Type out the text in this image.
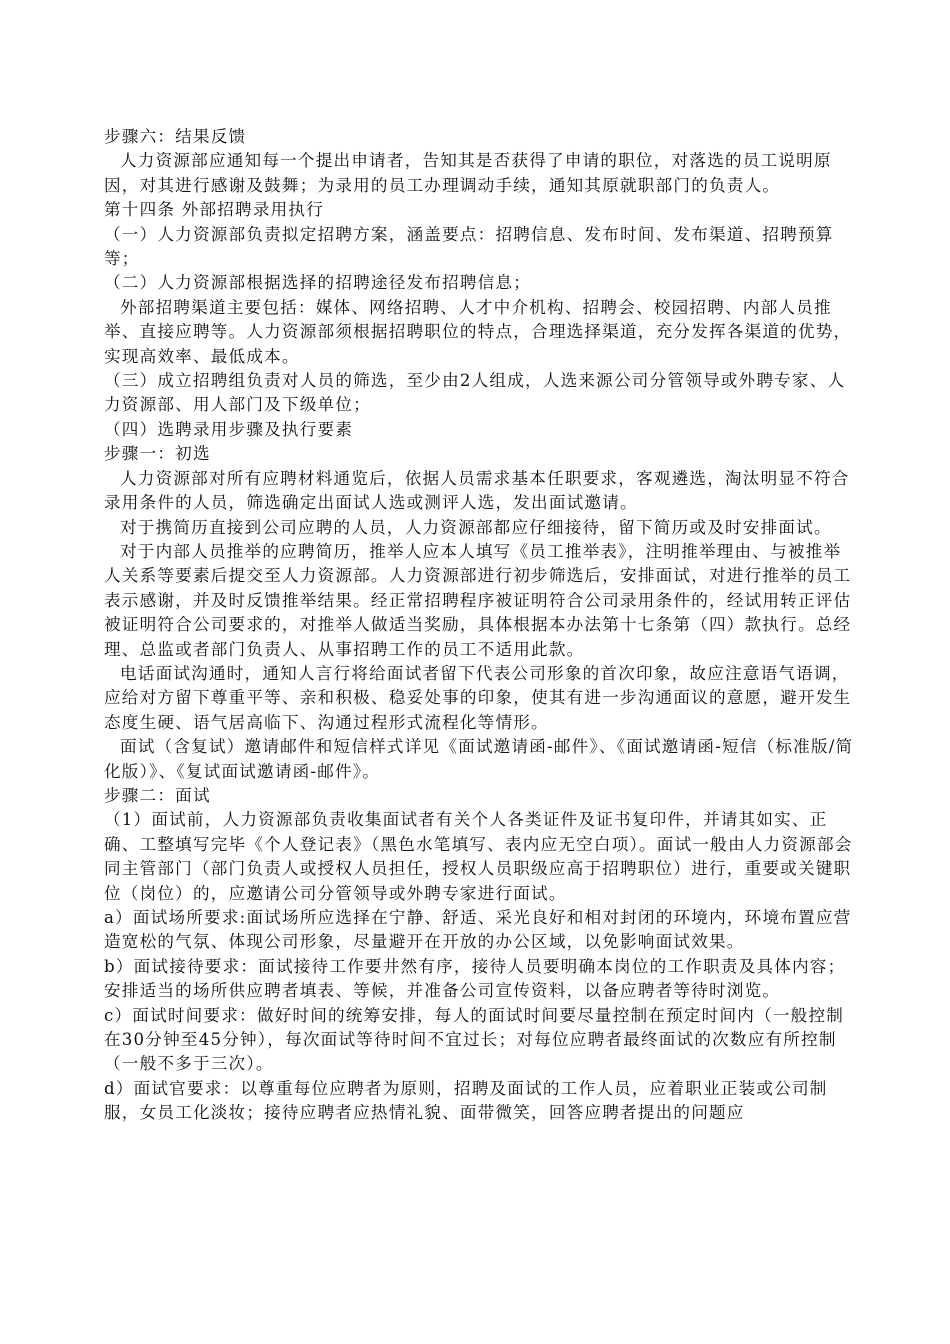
步骤六：结果反馈

人力资源部应通知每一个提出申请者，告知其是否获得了申请的职位，对落选的员工说明原因，对其进行感谢及鼓舞；为录用的员工办理调动手续，通知其原就职部门的负责人。

第十四条 外部招聘录用执行

（一）人力资源部负责拟定招聘方案，涵盖要点：招聘信息、发布时间、发布渠道、招聘预算等；

（二）人力资源部根据选择的招聘途径发布招聘信息；

外部招聘渠道主要包括：媒体、网络招聘、人才中介机构、招聘会、校园招聘、内部人员推举、直接应聘等。人力资源部须根据招聘职位的特点，合理选择渠道，充分发挥各渠道的优势，实现高效率、最低成本。

（三）成立招聘组负责对人员的筛选，至少由2人组成，人选来源公司分管领导或外聘专家、人力资源部、用人部门及下级单位；

（四）选聘录用步骤及执行要素

步骤一：初选

人力资源部对所有应聘材料通览后，依据人员需求基本任职要求，客观遴选，淘汰明显不符合录用条件的人员，筛选确定出面试人选或测评人选，发出面试邀请。

对于携简历直接到公司应聘的人员，人力资源部都应仔细接待，留下简历或及时安排面试。

对于内部人员推举的应聘简历，推举人应本人填写《员工推举表》，注明推举理由、与被推举人关系等要素后提交至人力资源部。人力资源部进行初步筛选后，安排面试，对进行推举的员工表示感谢，并及时反馈推举结果。经正常招聘程序被证明符合公司录用条件的，经试用转正评估被证明符合公司要求的，对推举人做适当奖励，具体根据本办法第十七条第（四）款执行。总经理、总监或者部门负责人、从事招聘工作的员工不适用此款。

电话面试沟通时，通知人言行将给面试者留下代表公司形象的首次印象，故应注意语气语调，应给对方留下尊重平等、亲和积极、稳妥处事的印象，使其有进一步沟通面议的意愿，避开发生态度生硬、语气居高临下、沟通过程形式流程化等情形。

面试（含复试）邀请邮件和短信样式详见《面试邀请函-邮件》、《面试邀请函-短信（标准版/简化版）》、《复试面试邀请函-邮件》。

步骤二：面试

（1）面试前，人力资源部负责收集面试者有关个人各类证件及证书复印件，并请其如实、正确、工整填写完毕《个人登记表》（黑色水笔填写、表内应无空白项）。面试一般由人力资源部会同主管部门（部门负责人或授权人员担任，授权人员职级应高于招聘职位）进行，重要或关键职位（岗位）的，应邀请公司分管领导或外聘专家进行面试。

a）面试场所要求:面试场所应选择在宁静、舒适、采光良好和相对封闭的环境内，环境布置应营造宽松的气氛、体现公司形象，尽量避开在开放的办公区域，以免影响面试效果。

b）面试接待要求：面试接待工作要井然有序，接待人员要明确本岗位的工作职责及具体内容；安排适当的场所供应聘者填表、等候，并准备公司宣传资料，以备应聘者等待时浏览。

c）面试时间要求：做好时间的统筹安排，每人的面试时间要尽量控制在预定时间内（一般控制在30分钟至45分钟），每次面试等待时间不宜过长；对每位应聘者最终面试的次数应有所控制（一般不多于三次）。

d）面试官要求：以尊重每位应聘者为原则，招聘及面试的工作人员，应着职业正装或公司制服，女员工化淡妆；接待应聘者应热情礼貌、面带微笑，回答应聘者提出的问题应
